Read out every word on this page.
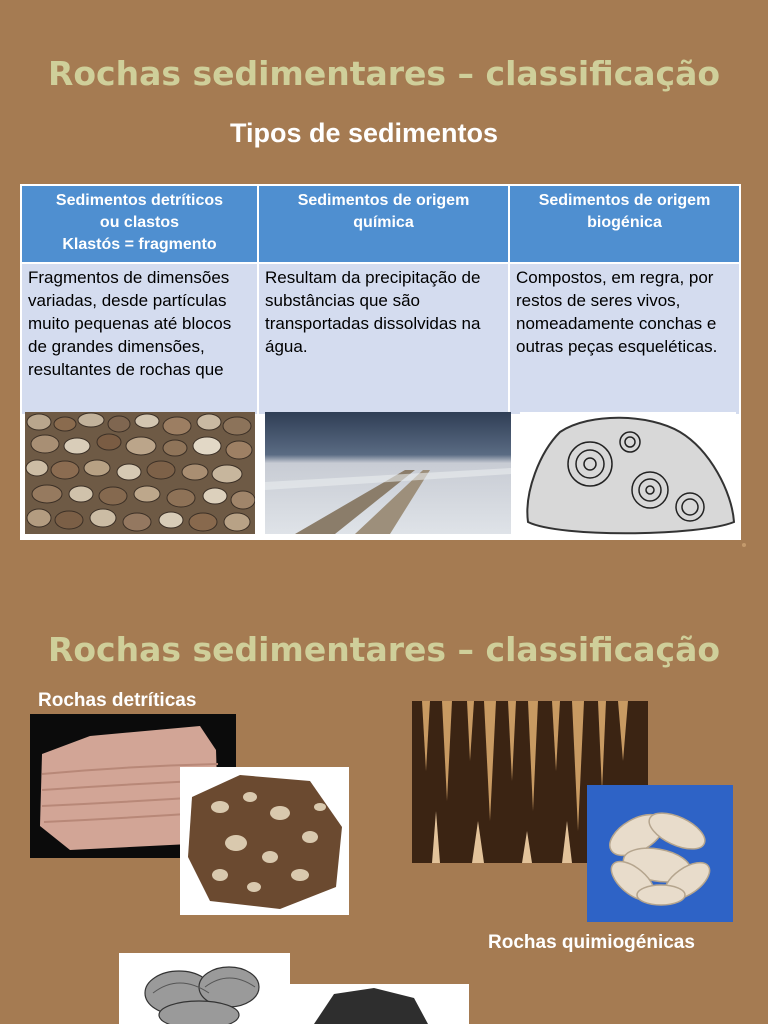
Rochas sedimentares – classificação
Tipos de sedimentos
Sedimentos detríticos
ou clastos
Klastós = fragmento
Sedimentos de origem
química
Sedimentos de origem
biogénica
Fragmentos de dimensões variadas, desde partículas muito pequenas até blocos de grandes dimensões, resultantes de rochas que
Resultam da precipitação de substâncias que são transportadas dissolvidas na água.
Compostos, em regra, por restos de seres vivos, nomeadamente conchas e outras peças esqueléticas.
Rochas sedimentares – classificação

Rochas detríticas

Rochas quimiogénicas
